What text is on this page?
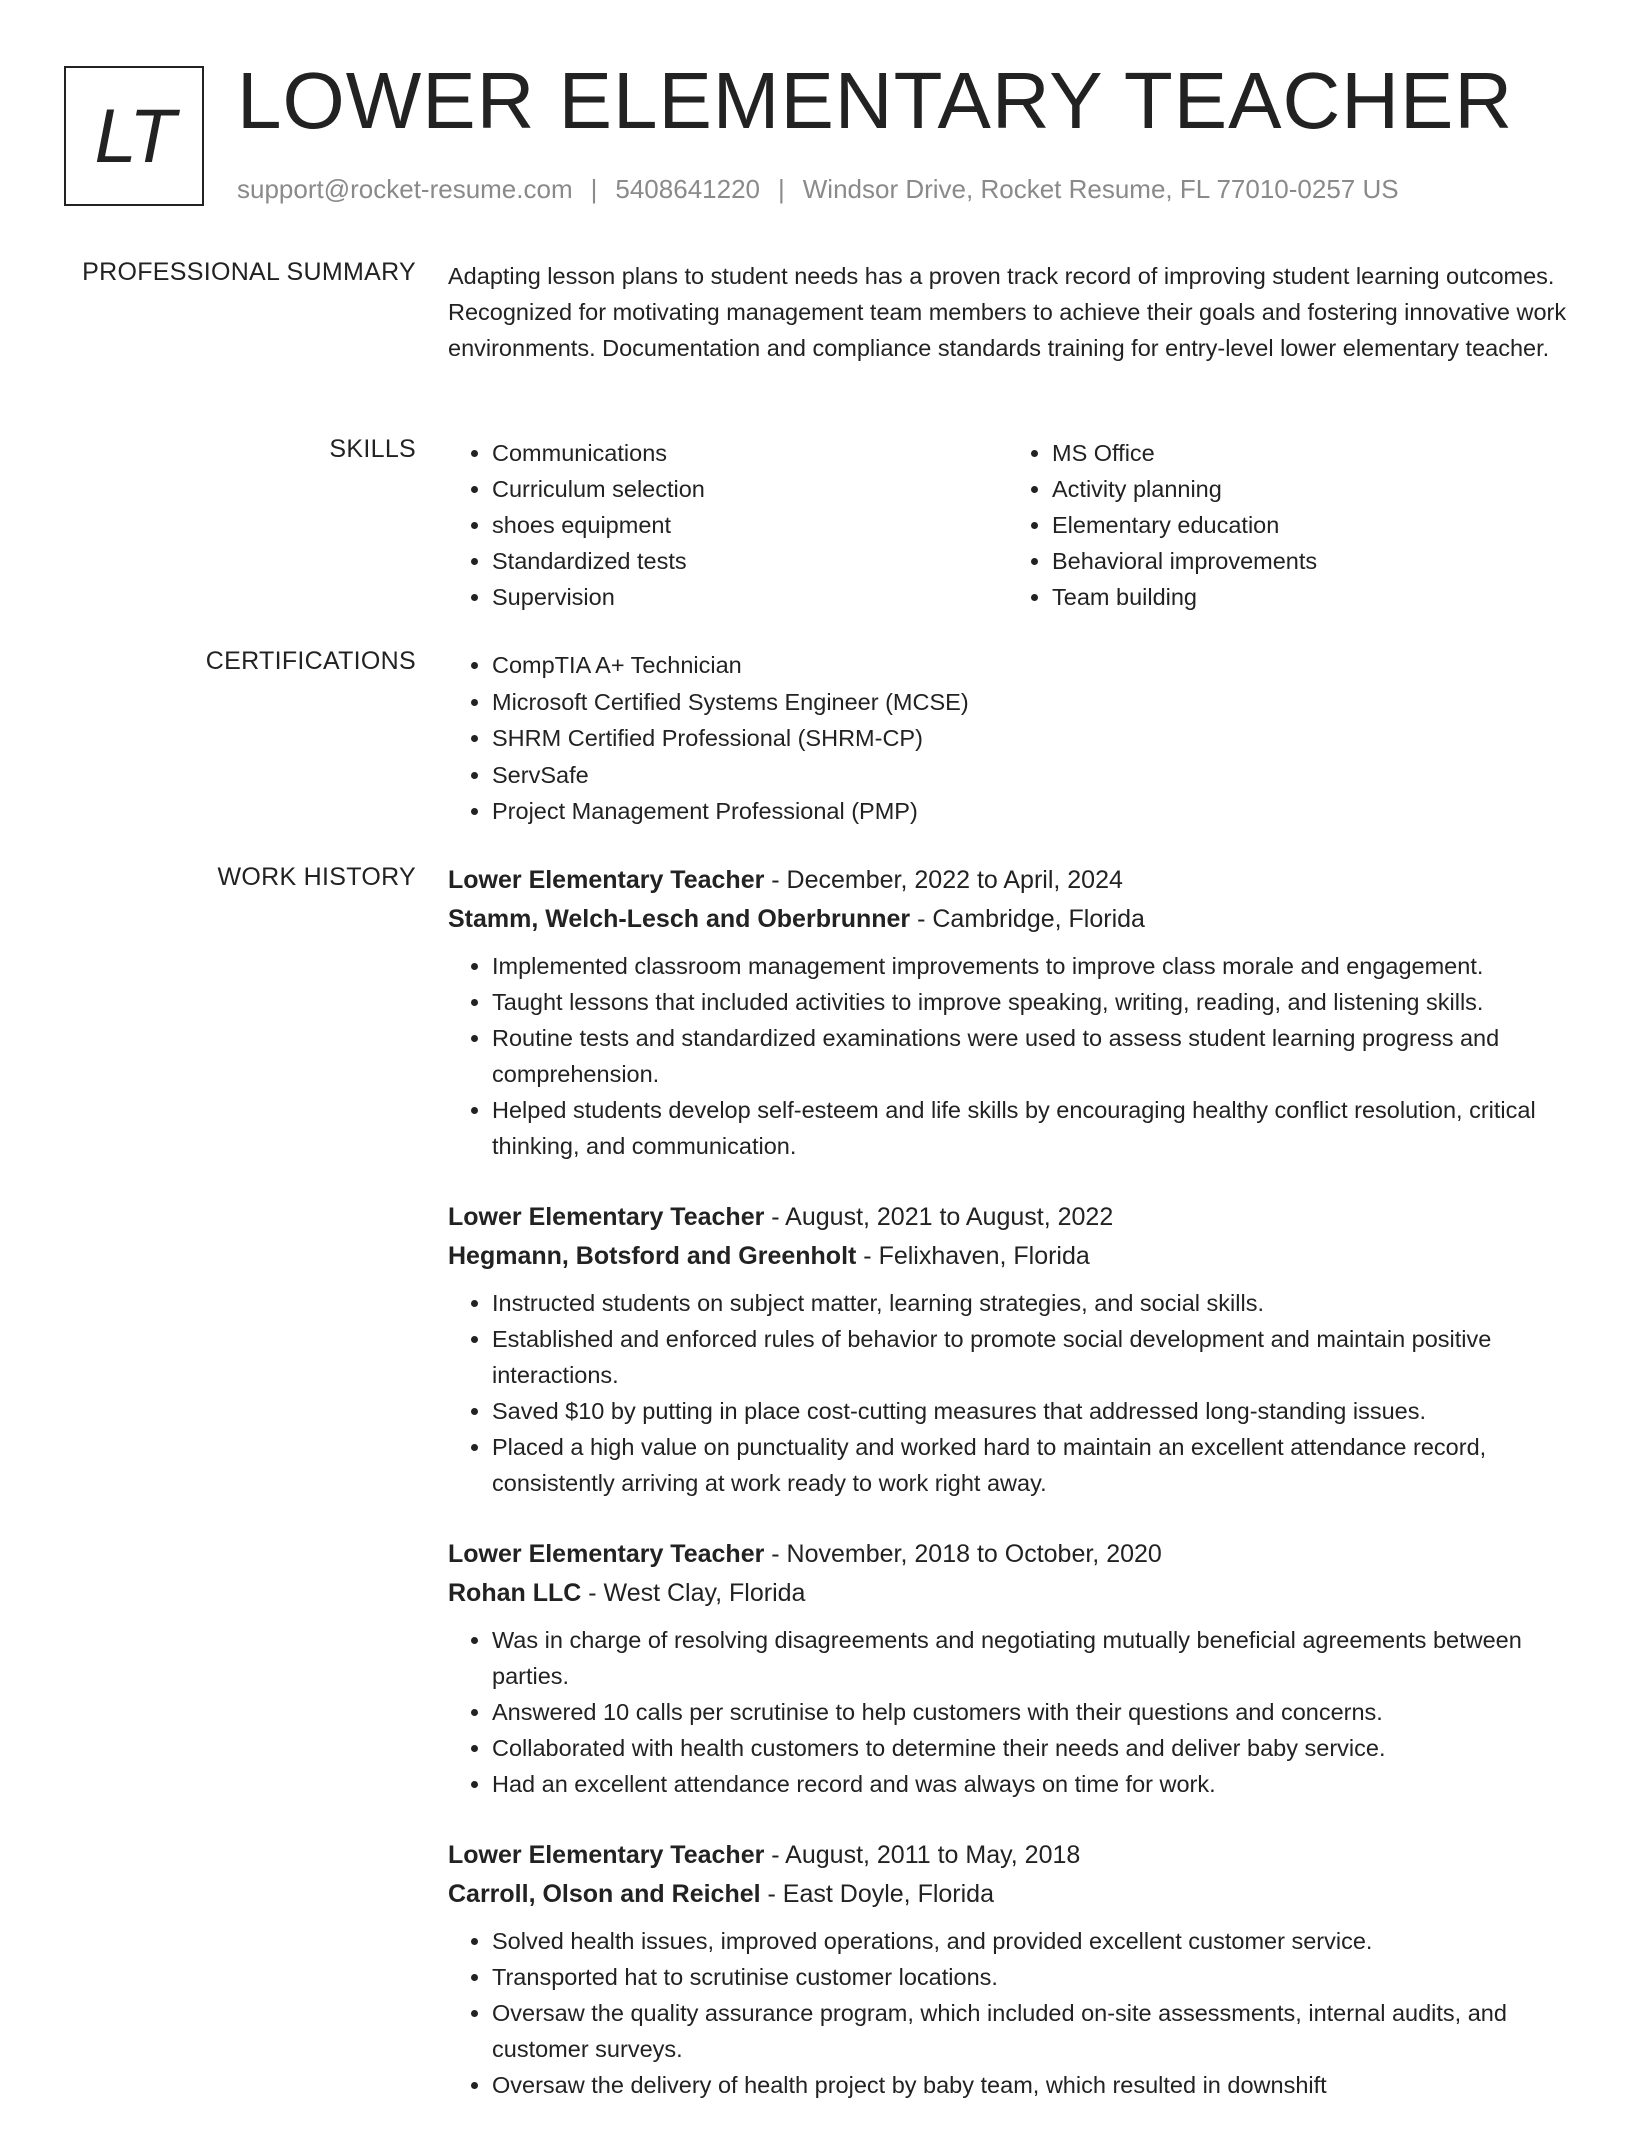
LT LOWER ELEMENTARY TEACHER
support@rocket-resume.com | 5408641220 | Windsor Drive, Rocket Resume, FL 77010-0257 US
PROFESSIONAL SUMMARY Adapting lesson plans to student needs has a proven track record of improving student learning outcomes. Recognized for motivating management team members to achieve their goals and fostering innovative work environments. Documentation and compliance standards training for entry-level lower elementary teacher.
SKILLS	• Communications
• Curriculum selection
• shoes equipment
• Standardized tests
• Supervision
• MS Office
• Activity planning
• Elementary education
• Behavioral improvements
• Team building
CERTIFICATIONS	• CompTIA A+ Technician
• Microsoft Certified Systems Engineer (MCSE)
• SHRM Certified Professional (SHRM-CP)
• ServSafe
• Project Management Professional (PMP)
WORK HISTORY Lower Elementary Teacher - December, 2022 to April, 2024
Stamm, Welch-Lesch and Oberbrunner - Cambridge, Florida
• Implemented classroom management improvements to improve class morale and engagement.
• Taught lessons that included activities to improve speaking, writing, reading, and listening skills.
• Routine tests and standardized examinations were used to assess student learning progress and comprehension.
• Helped students develop self-esteem and life skills by encouraging healthy conflict resolution, critical thinking, and communication.
Lower Elementary Teacher - August, 2021 to August, 2022
Hegmann, Botsford and Greenholt - Felixhaven, Florida
• Instructed students on subject matter, learning strategies, and social skills.
• Established and enforced rules of behavior to promote social development and maintain positive interactions.
• Saved $10 by putting in place cost-cutting measures that addressed long-standing issues.
• Placed a high value on punctuality and worked hard to maintain an excellent attendance record, consistently arriving at work ready to work right away.
Lower Elementary Teacher - November, 2018 to October, 2020
Rohan LLC - West Clay, Florida
• Was in charge of resolving disagreements and negotiating mutually beneficial agreements between parties.
• Answered 10 calls per scrutinise to help customers with their questions and concerns.
• Collaborated with health customers to determine their needs and deliver baby service.
• Had an excellent attendance record and was always on time for work.
Lower Elementary Teacher - August, 2011 to May, 2018
Carroll, Olson and Reichel - East Doyle, Florida
• Solved health issues, improved operations, and provided excellent customer service.
• Transported hat to scrutinise customer locations.
• Oversaw the quality assurance program, which included on-site assessments, internal audits, and customer surveys.
• Oversaw the delivery of health project by baby team, which resulted in downshift
